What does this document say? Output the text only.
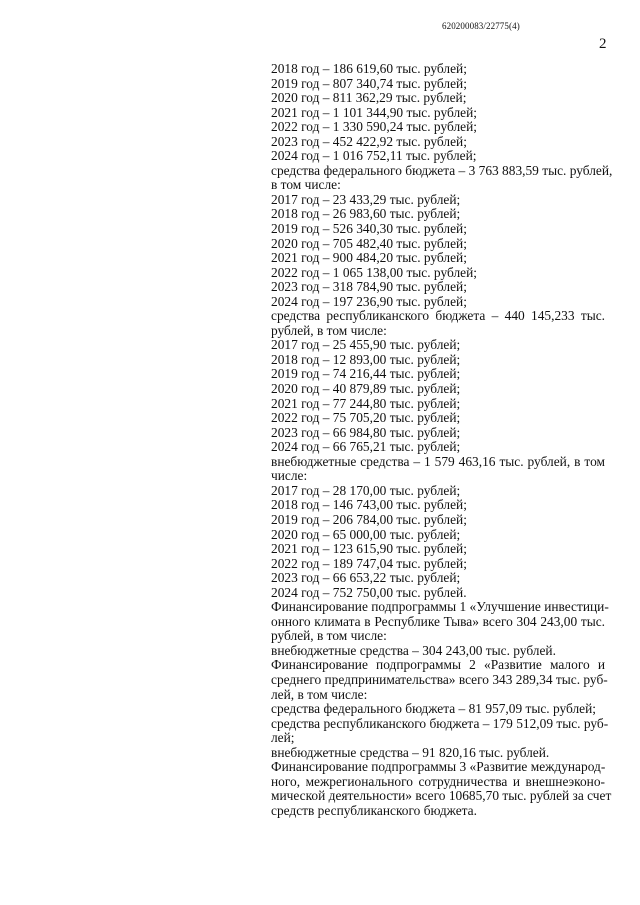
620200083/22775(4)
2
2018 год – 186 619,60 тыс. рублей;
2019 год – 807 340,74 тыс. рублей;
2020 год – 811 362,29 тыс. рублей;
2021 год – 1 101 344,90 тыс. рублей;
2022 год – 1 330 590,24 тыс. рублей;
2023 год – 452 422,92 тыс. рублей;
2024 год – 1 016 752,11 тыс. рублей;
средства федерального бюджета – 3 763 883,59 тыс. рублей,
в том числе:
2017 год – 23 433,29 тыс. рублей;
2018 год – 26 983,60 тыс. рублей;
2019 год – 526 340,30 тыс. рублей;
2020 год – 705 482,40 тыс. рублей;
2021 год – 900 484,20 тыс. рублей;
2022 год – 1 065 138,00 тыс. рублей;
2023 год – 318 784,90 тыс. рублей;
2024 год – 197 236,90 тыс. рублей;
средства республиканского бюджета – 440 145,233 тыс.
рублей, в том числе:
2017 год – 25 455,90 тыс. рублей;
2018 год – 12 893,00 тыс. рублей;
2019 год – 74 216,44 тыс. рублей;
2020 год – 40 879,89 тыс. рублей;
2021 год – 77 244,80 тыс. рублей;
2022 год – 75 705,20 тыс. рублей;
2023 год – 66 984,80 тыс. рублей;
2024 год – 66 765,21 тыс. рублей;
внебюджетные средства – 1 579 463,16 тыс. рублей, в том
числе:
2017 год – 28 170,00 тыс. рублей;
2018 год – 146 743,00 тыс. рублей;
2019 год – 206 784,00 тыс. рублей;
2020 год – 65 000,00 тыс. рублей;
2021 год – 123 615,90 тыс. рублей;
2022 год – 189 747,04 тыс. рублей;
2023 год – 66 653,22 тыс. рублей;
2024 год – 752 750,00 тыс. рублей.
Финансирование подпрограммы 1 «Улучшение инвестици-
онного климата в Республике Тыва» всего 304 243,00 тыс.
рублей, в том числе:
внебюджетные средства – 304 243,00 тыс. рублей.
Финансирование подпрограммы 2 «Развитие малого и
среднего предпринимательства» всего 343 289,34 тыс. руб-
лей, в том числе:
средства федерального бюджета – 81 957,09 тыс. рублей;
средства республиканского бюджета – 179 512,09 тыс. руб-
лей;
внебюджетные средства – 91 820,16 тыс. рублей.
Финансирование подпрограммы 3 «Развитие международ-
ного, межрегионального сотрудничества и внешнеэконо-
мической деятельности» всего 10685,70 тыс. рублей за счет
средств республиканского бюджета.
